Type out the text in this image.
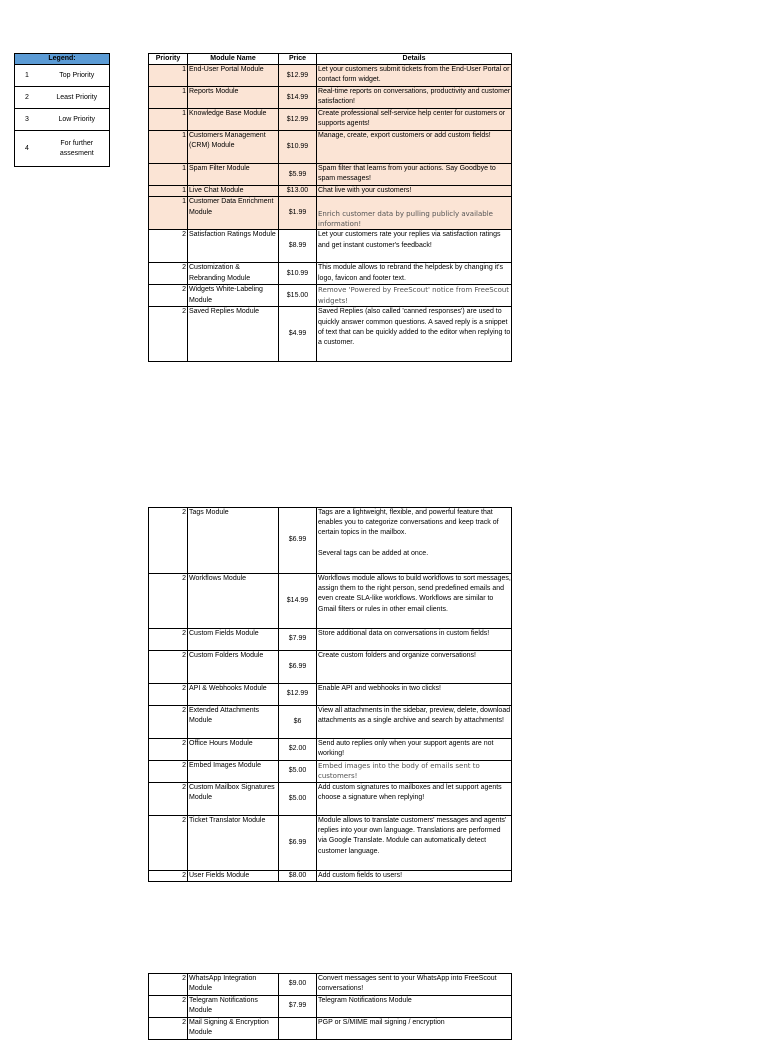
Legend:	
1	Top Priority
2	Least Priority
3	Low Priority
4	For further assesment
Priority	Module Name	Price	Details
1	End-User Portal Module	$12.99	Let your customers submit tickets from the End-User Portal or contact form widget.
1	Reports Module	$14.99	Real-time reports on conversations, productivity and customer satisfaction!
1	Knowledge Base Module	$12.99	Create professional self-service help center for customers or supports agents!
1	Customers Management (CRM) Module	$10.99	Manage, create, export customers or add custom fields!
1	Spam Filter Module	$5.99	Spam filter that learns from your actions. Say Goodbye to spam messages!
1	Live Chat Module	$13.00	Chat live with your customers!
1	Customer Data Enrichment Module	$1.99	Enrich customer data by pulling publicly available information!
2	Satisfaction Ratings Module	$8.99	Let your customers rate your replies via satisfaction ratings and get instant customer's feedback!
2	Customization & Rebranding Module	$10.99	This module allows to rebrand the helpdesk by changing it's logo, favicon and footer text.
2	Widgets White-Labeling Module	$15.00	Remove 'Powered by FreeScout' notice from FreeScout widgets!
2	Saved Replies Module	$4.99	Saved Replies (also called 'canned responses') are used to quickly answer common questions. A saved reply is a snippet of text that can be quickly added to the editor when replying to a customer.
2	Tags Module	$6.99	Tags are a lightweight, flexible, and powerful feature that enables you to categorize conversations and keep track of certain topics in the mailbox.

Several tags can be added at once.
2	Workflows Module	$14.99	Workflows module allows to build workflows to sort messages, assign them to the right person, send predefined emails and even create SLA-like workflows. Workflows are similar to Gmail filters or rules in other email clients.
2	Custom Fields Module	$7.99	Store additional data on conversations in custom fields!
2	Custom Folders Module	$6.99	Create custom folders and organize conversations!
2	API & Webhooks Module	$12.99	Enable API and webhooks in two clicks!
2	Extended Attachments Module	$6	View all attachments in the sidebar, preview, delete, download attachments as a single archive and search by attachments!
2	Office Hours Module	$2.00	Send auto replies only when your support agents are not working!
2	Embed Images Module	$5.00	Embed images into the body of emails sent to customers!
2	Custom Mailbox Signatures Module	$5.00	Add custom signatures to mailboxes and let support agents choose a signature when replying!
2	Ticket Translator Module	$6.99	Module allows to translate customers' messages and agents' replies into your own language. Translations are performed via Google Translate. Module can automatically detect customer language.
2	User Fields Module	$8.00	Add custom fields to users!
2	WhatsApp Integration Module	$9.00	Convert messages sent to your WhatsApp into FreeScout conversations!
2	Telegram Notifications Module	$7.99	Telegram Notifications Module
2	Mail Signing & Encryption Module		PGP or S/MIME mail signing / encryption
